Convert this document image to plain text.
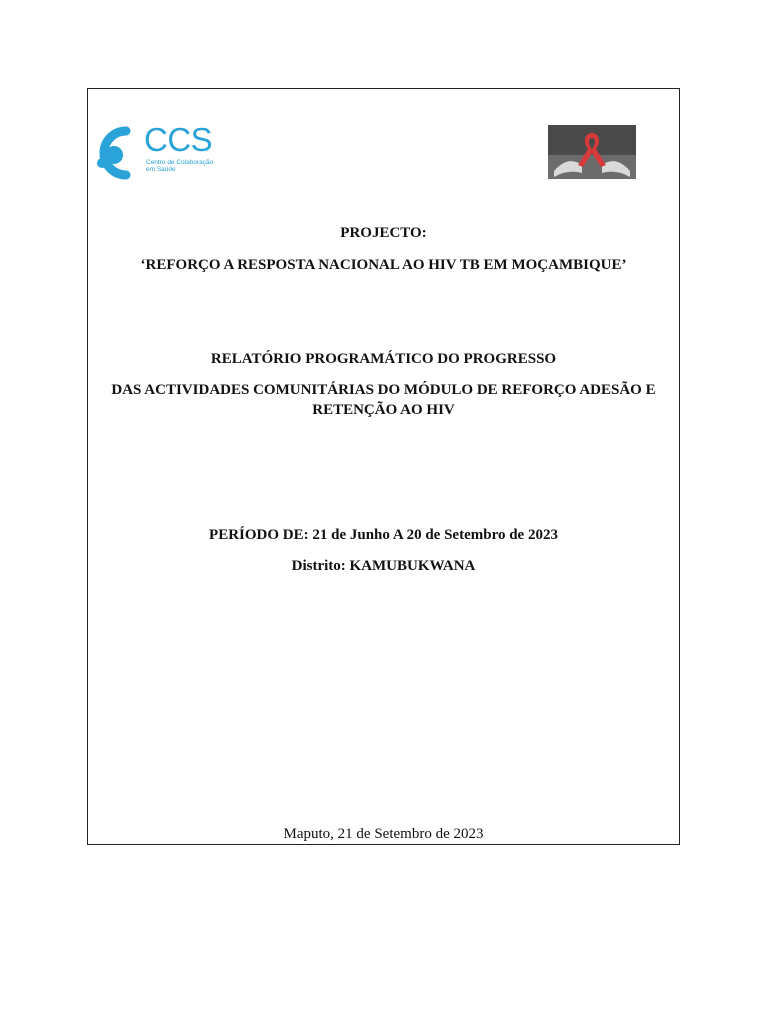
CCS
Centro de Colaboração
em Saúde
PROJECTO:
‘REFORÇO A RESPOSTA NACIONAL AO HIV TB EM MOÇAMBIQUE’
RELATÓRIO PROGRAMÁTICO DO PROGRESSO
DAS ACTIVIDADES COMUNITÁRIAS DO MÓDULO DE REFORÇO ADESÃO E RETENÇÃO AO HIV
PERÍODO DE: 21 de Junho A 20 de Setembro de 2023
Distrito: KAMUBUKWANA
Maputo, 21 de Setembro de 2023
